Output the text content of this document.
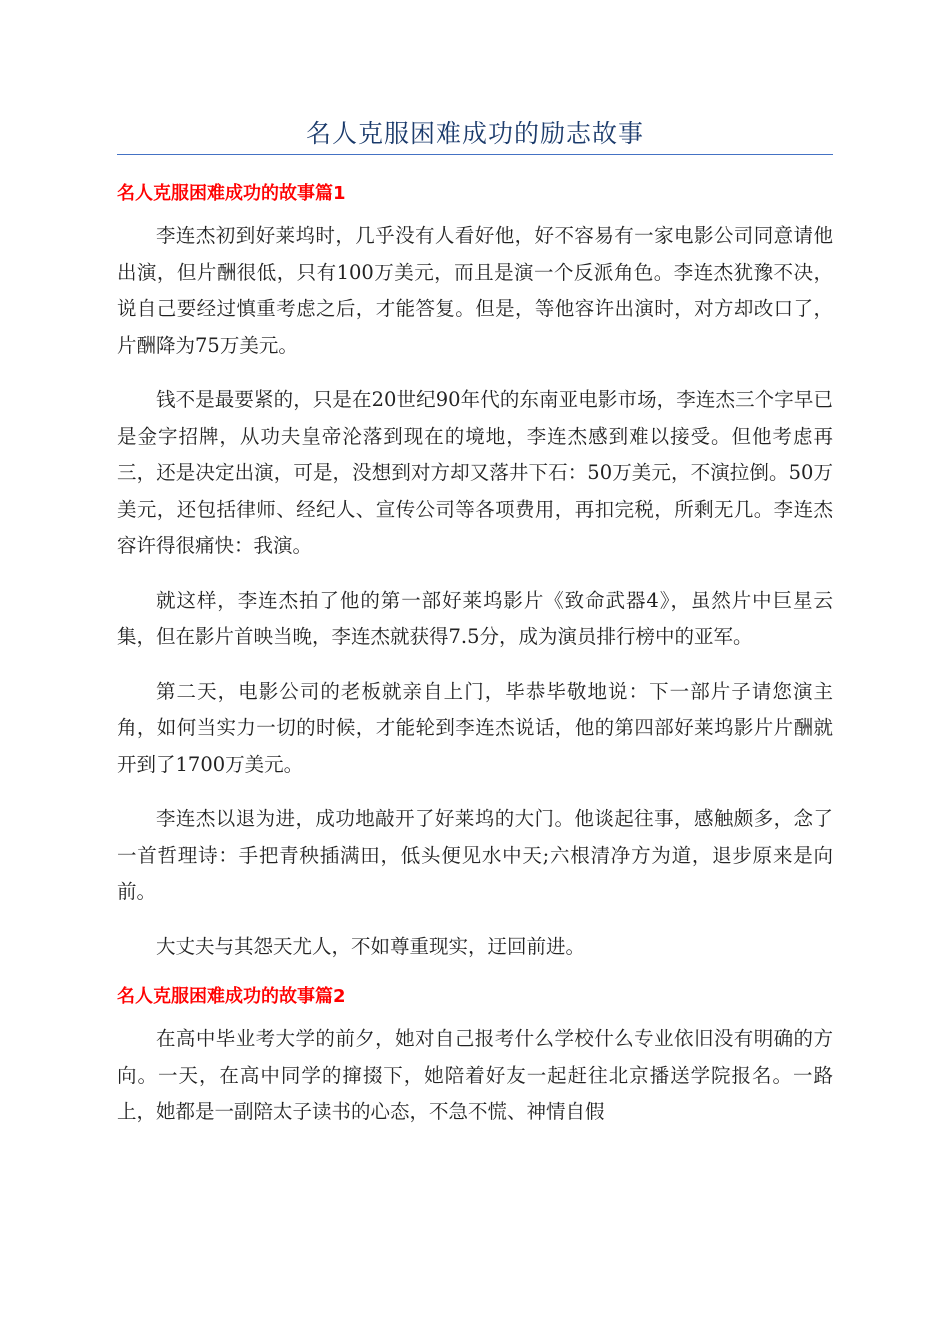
名人克服困难成功的励志故事
名人克服困难成功的故事篇1

李连杰初到好莱坞时，几乎没有人看好他，好不容易有一家电影公司同意请他出演，但片酬很低，只有100万美元，而且是演一个反派角色。李连杰犹豫不决，说自己要经过慎重考虑之后，才能答复。但是，等他容许出演时，对方却改口了，片酬降为75万美元。

钱不是最要紧的，只是在20世纪90年代的东南亚电影市场，李连杰三个字早已是金字招牌，从功夫皇帝沦落到现在的境地，李连杰感到难以接受。但他考虑再三，还是决定出演，可是，没想到对方却又落井下石：50万美元，不演拉倒。50万美元，还包括律师、经纪人、宣传公司等各项费用，再扣完税，所剩无几。李连杰容许得很痛快：我演。

就这样，李连杰拍了他的第一部好莱坞影片《致命武器4》，虽然片中巨星云集，但在影片首映当晚，李连杰就获得7.5分，成为演员排行榜中的亚军。

第二天，电影公司的老板就亲自上门，毕恭毕敬地说：下一部片子请您演主角，如何当实力一切的时候，才能轮到李连杰说话，他的第四部好莱坞影片片酬就开到了1700万美元。

李连杰以退为进，成功地敲开了好莱坞的大门。他谈起往事，感触颇多，念了一首哲理诗：手把青秧插满田，低头便见水中天;六根清净方为道，退步原来是向前。

大丈夫与其怨天尤人，不如尊重现实，迂回前进。

名人克服困难成功的故事篇2

在高中毕业考大学的前夕，她对自己报考什么学校什么专业依旧没有明确的方向。一天，在高中同学的撺掇下，她陪着好友一起赶往北京播送学院报名。一路上，她都是一副陪太子读书的心态，不急不慌、神情自假
